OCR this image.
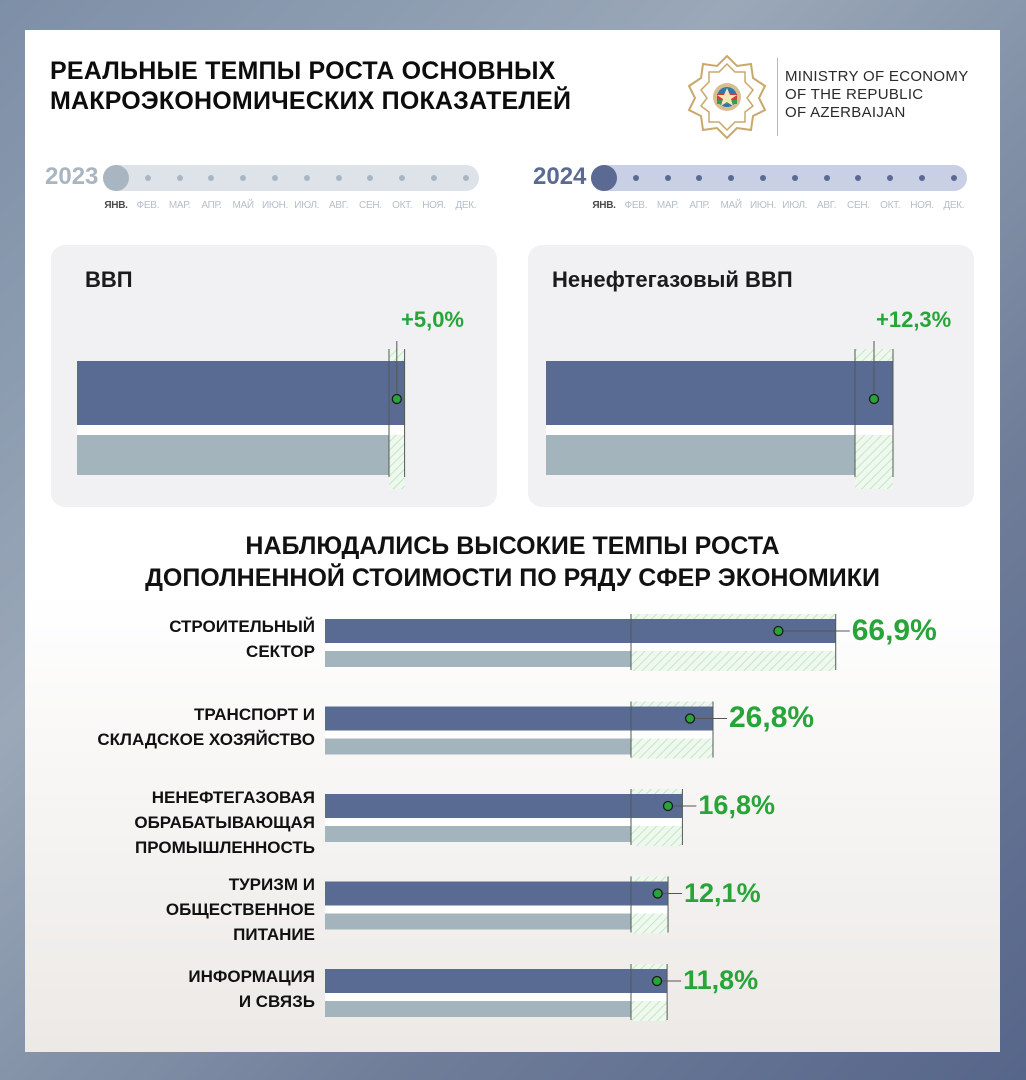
РЕАЛЬНЫЕ ТЕМПЫ РОСТА ОСНОВНЫХ
МАКРОЭКОНОМИЧЕСКИХ ПОКАЗАТЕЛЕЙ
MINISTRY OF ECONOMY
OF THE REPUBLIC
OF AZERBAIJAN
2023
ЯНВ. ФЕВ. МАР.	АПР.	МАЙ ИЮН. ИЮЛ. АВГ.	СЕН.	ОКТ. НОЯ. ДЕК.
2024
ЯНВ. ФЕВ. МАР.	АПР.	МАЙ ИЮН. ИЮЛ. АВГ.	СЕН.	ОКТ. НОЯ. ДЕК.
ВВП
+5,0%
Ненефтегазовый ВВП
+12,3%
НАБЛЮДАЛИСЬ ВЫСОКИЕ ТЕМПЫ РОСТА
ДОПОЛНЕННОЙ СТОИМОСТИ ПО РЯДУ СФЕР ЭКОНОМИКИ
СТРОИТЕЛЬНЫЙ
СЕКТОР
ТРАНСПОРТ И
СКЛАДСКОЕ ХОЗЯЙСТВО
НЕНЕФТЕГАЗОВАЯ
ОБРАБАТЫВАЮЩАЯ
ПРОМЫШЛЕННОСТЬ
ТУРИЗМ И
ОБЩЕСТВЕННОЕ
ПИТАНИЕ
ИНФОРМАЦИЯ
И СВЯЗЬ
66,9%
26,8%
16,8%
12,1%
11,8%
